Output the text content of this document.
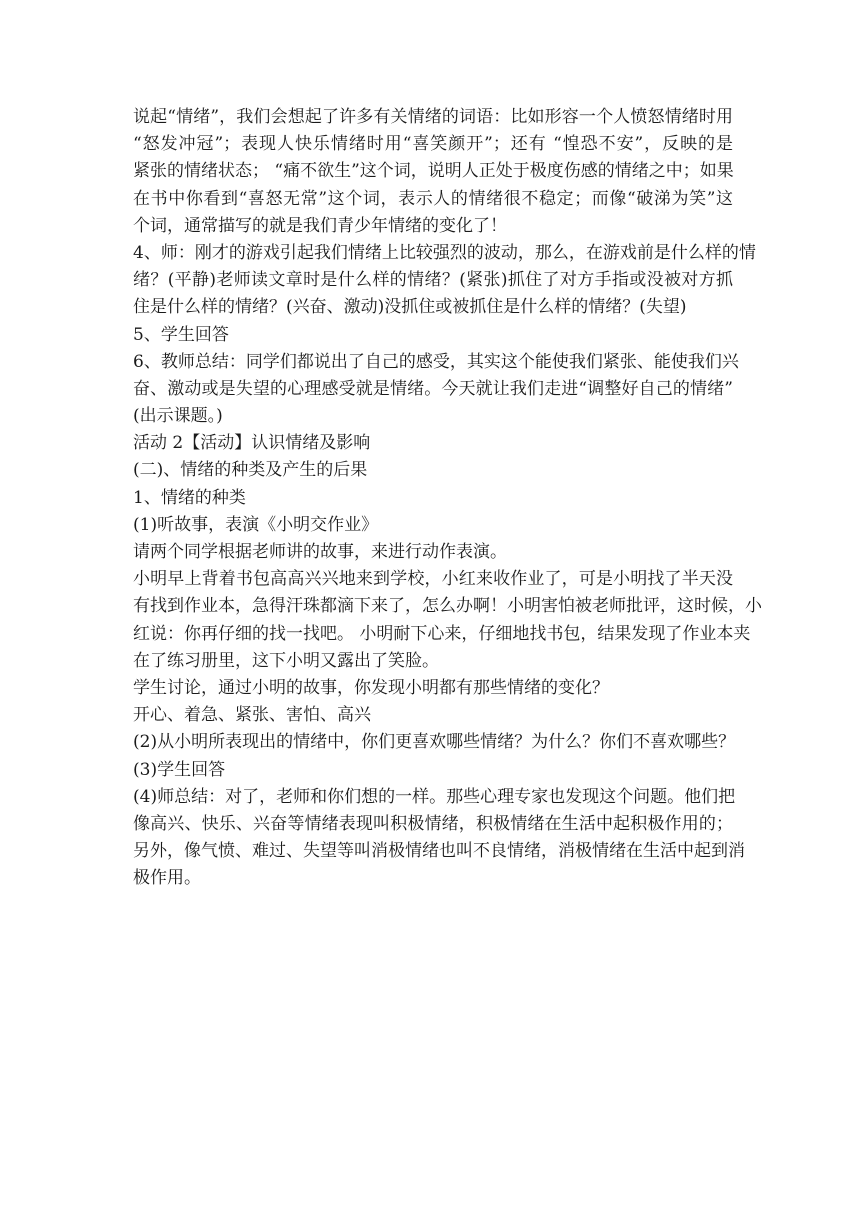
说起“情绪”，我们会想起了许多有关情绪的词语：比如形容一个人愤怒情绪时用
“怒发冲冠”；表现人快乐情绪时用“喜笑颜开”；还有 “惶恐不安”，反映的是
紧张的情绪状态； “痛不欲生”这个词，说明人正处于极度伤感的情绪之中；如果
在书中你看到“喜怒无常”这个词，表示人的情绪很不稳定；而像“破涕为笑”这
个词，通常描写的就是我们青少年情绪的变化了！
4、师：刚才的游戏引起我们情绪上比较强烈的波动，那么，在游戏前是什么样的情
绪？(平静)老师读文章时是什么样的情绪？(紧张)抓住了对方手指或没被对方抓
住是什么样的情绪？(兴奋、激动)没抓住或被抓住是什么样的情绪？(失望)
5、学生回答
6、教师总结：同学们都说出了自己的感受，其实这个能使我们紧张、能使我们兴
奋、激动或是失望的心理感受就是情绪。今天就让我们走进“调整好自己的情绪”
(出示课题。)
活动 2【活动】认识情绪及影响
(二)、情绪的种类及产生的后果
1、情绪的种类
(1)听故事，表演《小明交作业》
请两个同学根据老师讲的故事，来进行动作表演。
小明早上背着书包高高兴兴地来到学校，小红来收作业了，可是小明找了半天没
有找到作业本，急得汗珠都滴下来了，怎么办啊！小明害怕被老师批评，这时候，小
红说：你再仔细的找一找吧。 小明耐下心来，仔细地找书包，结果发现了作业本夹
在了练习册里，这下小明又露出了笑脸。
学生讨论，通过小明的故事，你发现小明都有那些情绪的变化？
开心、着急、紧张、害怕、高兴
(2)从小明所表现出的情绪中，你们更喜欢哪些情绪？为什么？你们不喜欢哪些？
(3)学生回答
(4)师总结：对了，老师和你们想的一样。那些心理专家也发现这个问题。他们把
像高兴、快乐、兴奋等情绪表现叫积极情绪，积极情绪在生活中起积极作用的；
另外，像气愤、难过、失望等叫消极情绪也叫不良情绪，消极情绪在生活中起到消
极作用。
